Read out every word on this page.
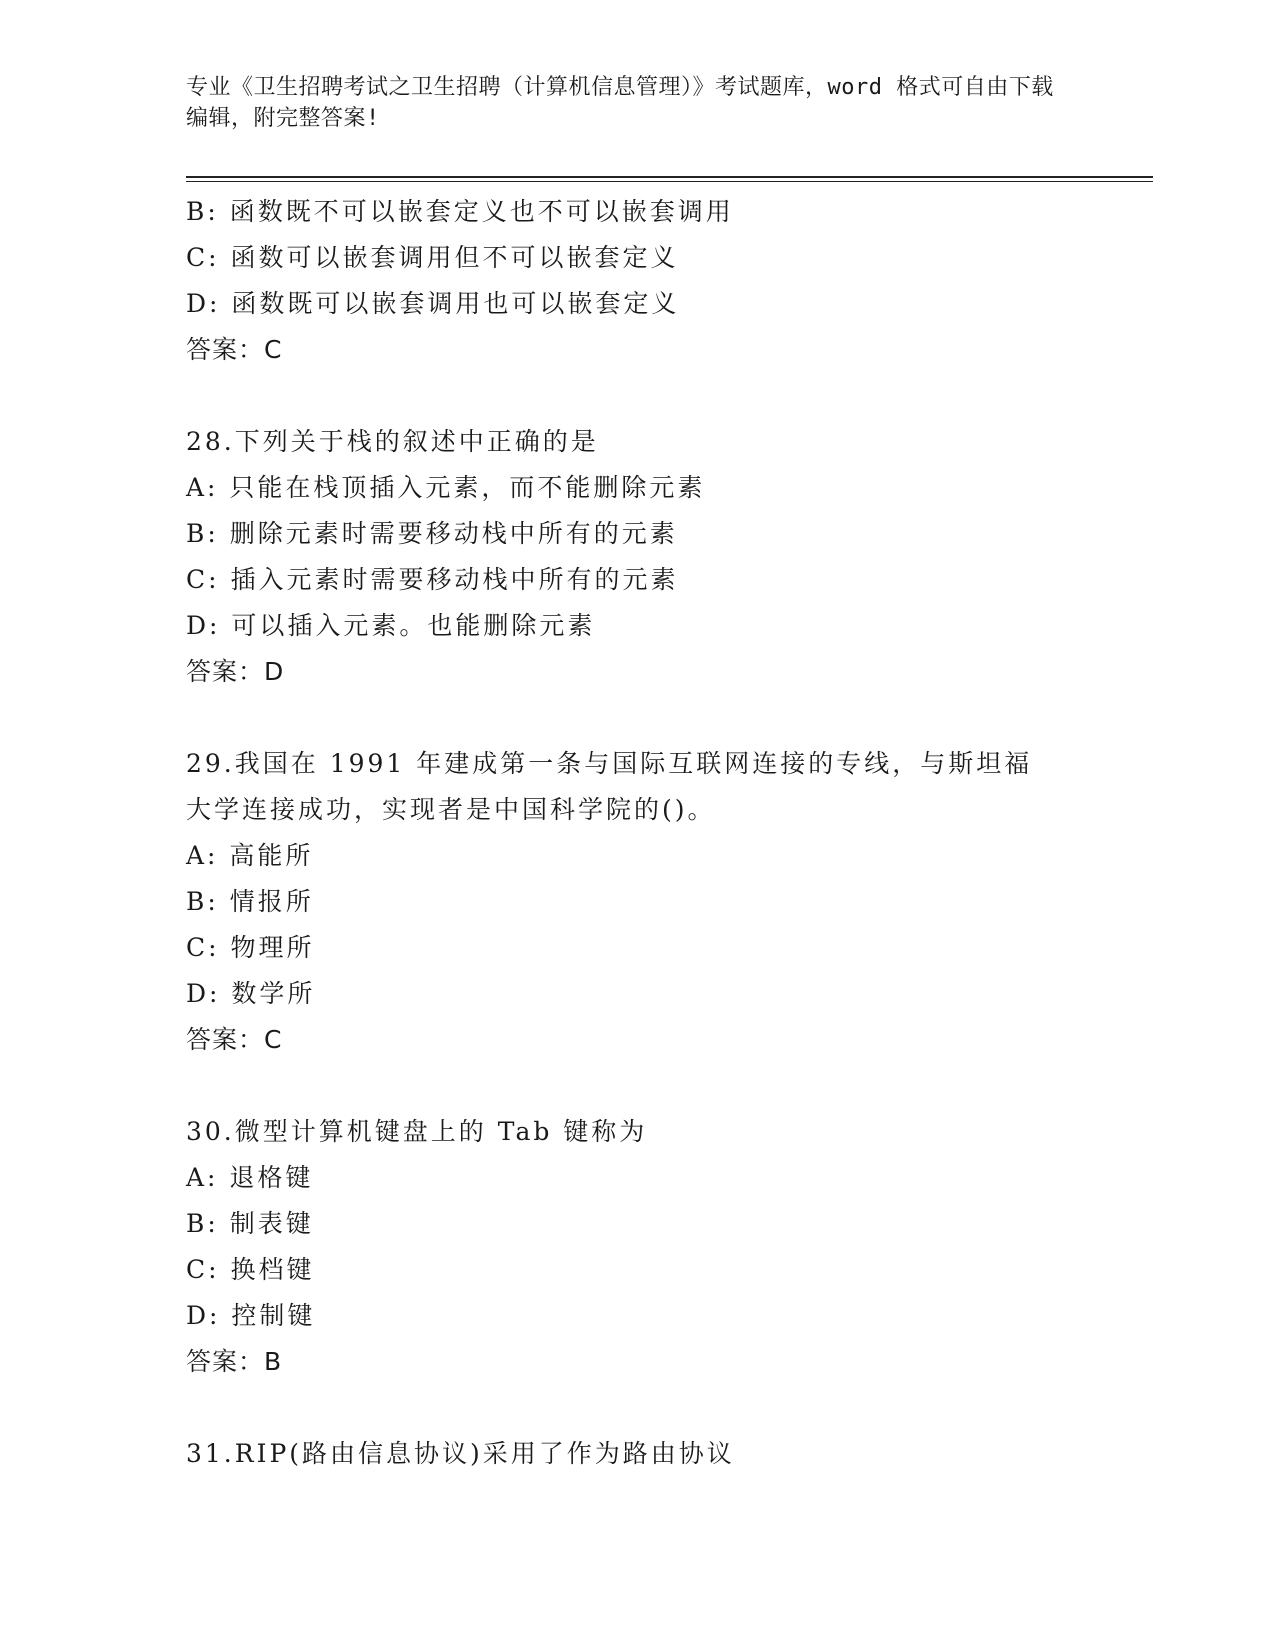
专业《卫生招聘考试之卫生招聘（计算机信息管理）》考试题库，word 格式可自由下载编辑，附完整答案!
B: 函数既不可以嵌套定义也不可以嵌套调用
C: 函数可以嵌套调用但不可以嵌套定义
D: 函数既可以嵌套调用也可以嵌套定义
答案：C
28.下列关于栈的叙述中正确的是
A: 只能在栈顶插入元素，而不能删除元素
B: 删除元素时需要移动栈中所有的元素
C: 插入元素时需要移动栈中所有的元素
D: 可以插入元素。也能删除元素
答案：D
29.我国在 1991 年建成第一条与国际互联网连接的专线，与斯坦福大学连接成功，实现者是中国科学院的()。
A: 高能所
B: 情报所
C: 物理所
D: 数学所
答案：C
30.微型计算机键盘上的 Tab 键称为
A: 退格键
B: 制表键
C: 换档键
D: 控制键
答案：B
31.RIP(路由信息协议)采用了作为路由协议
